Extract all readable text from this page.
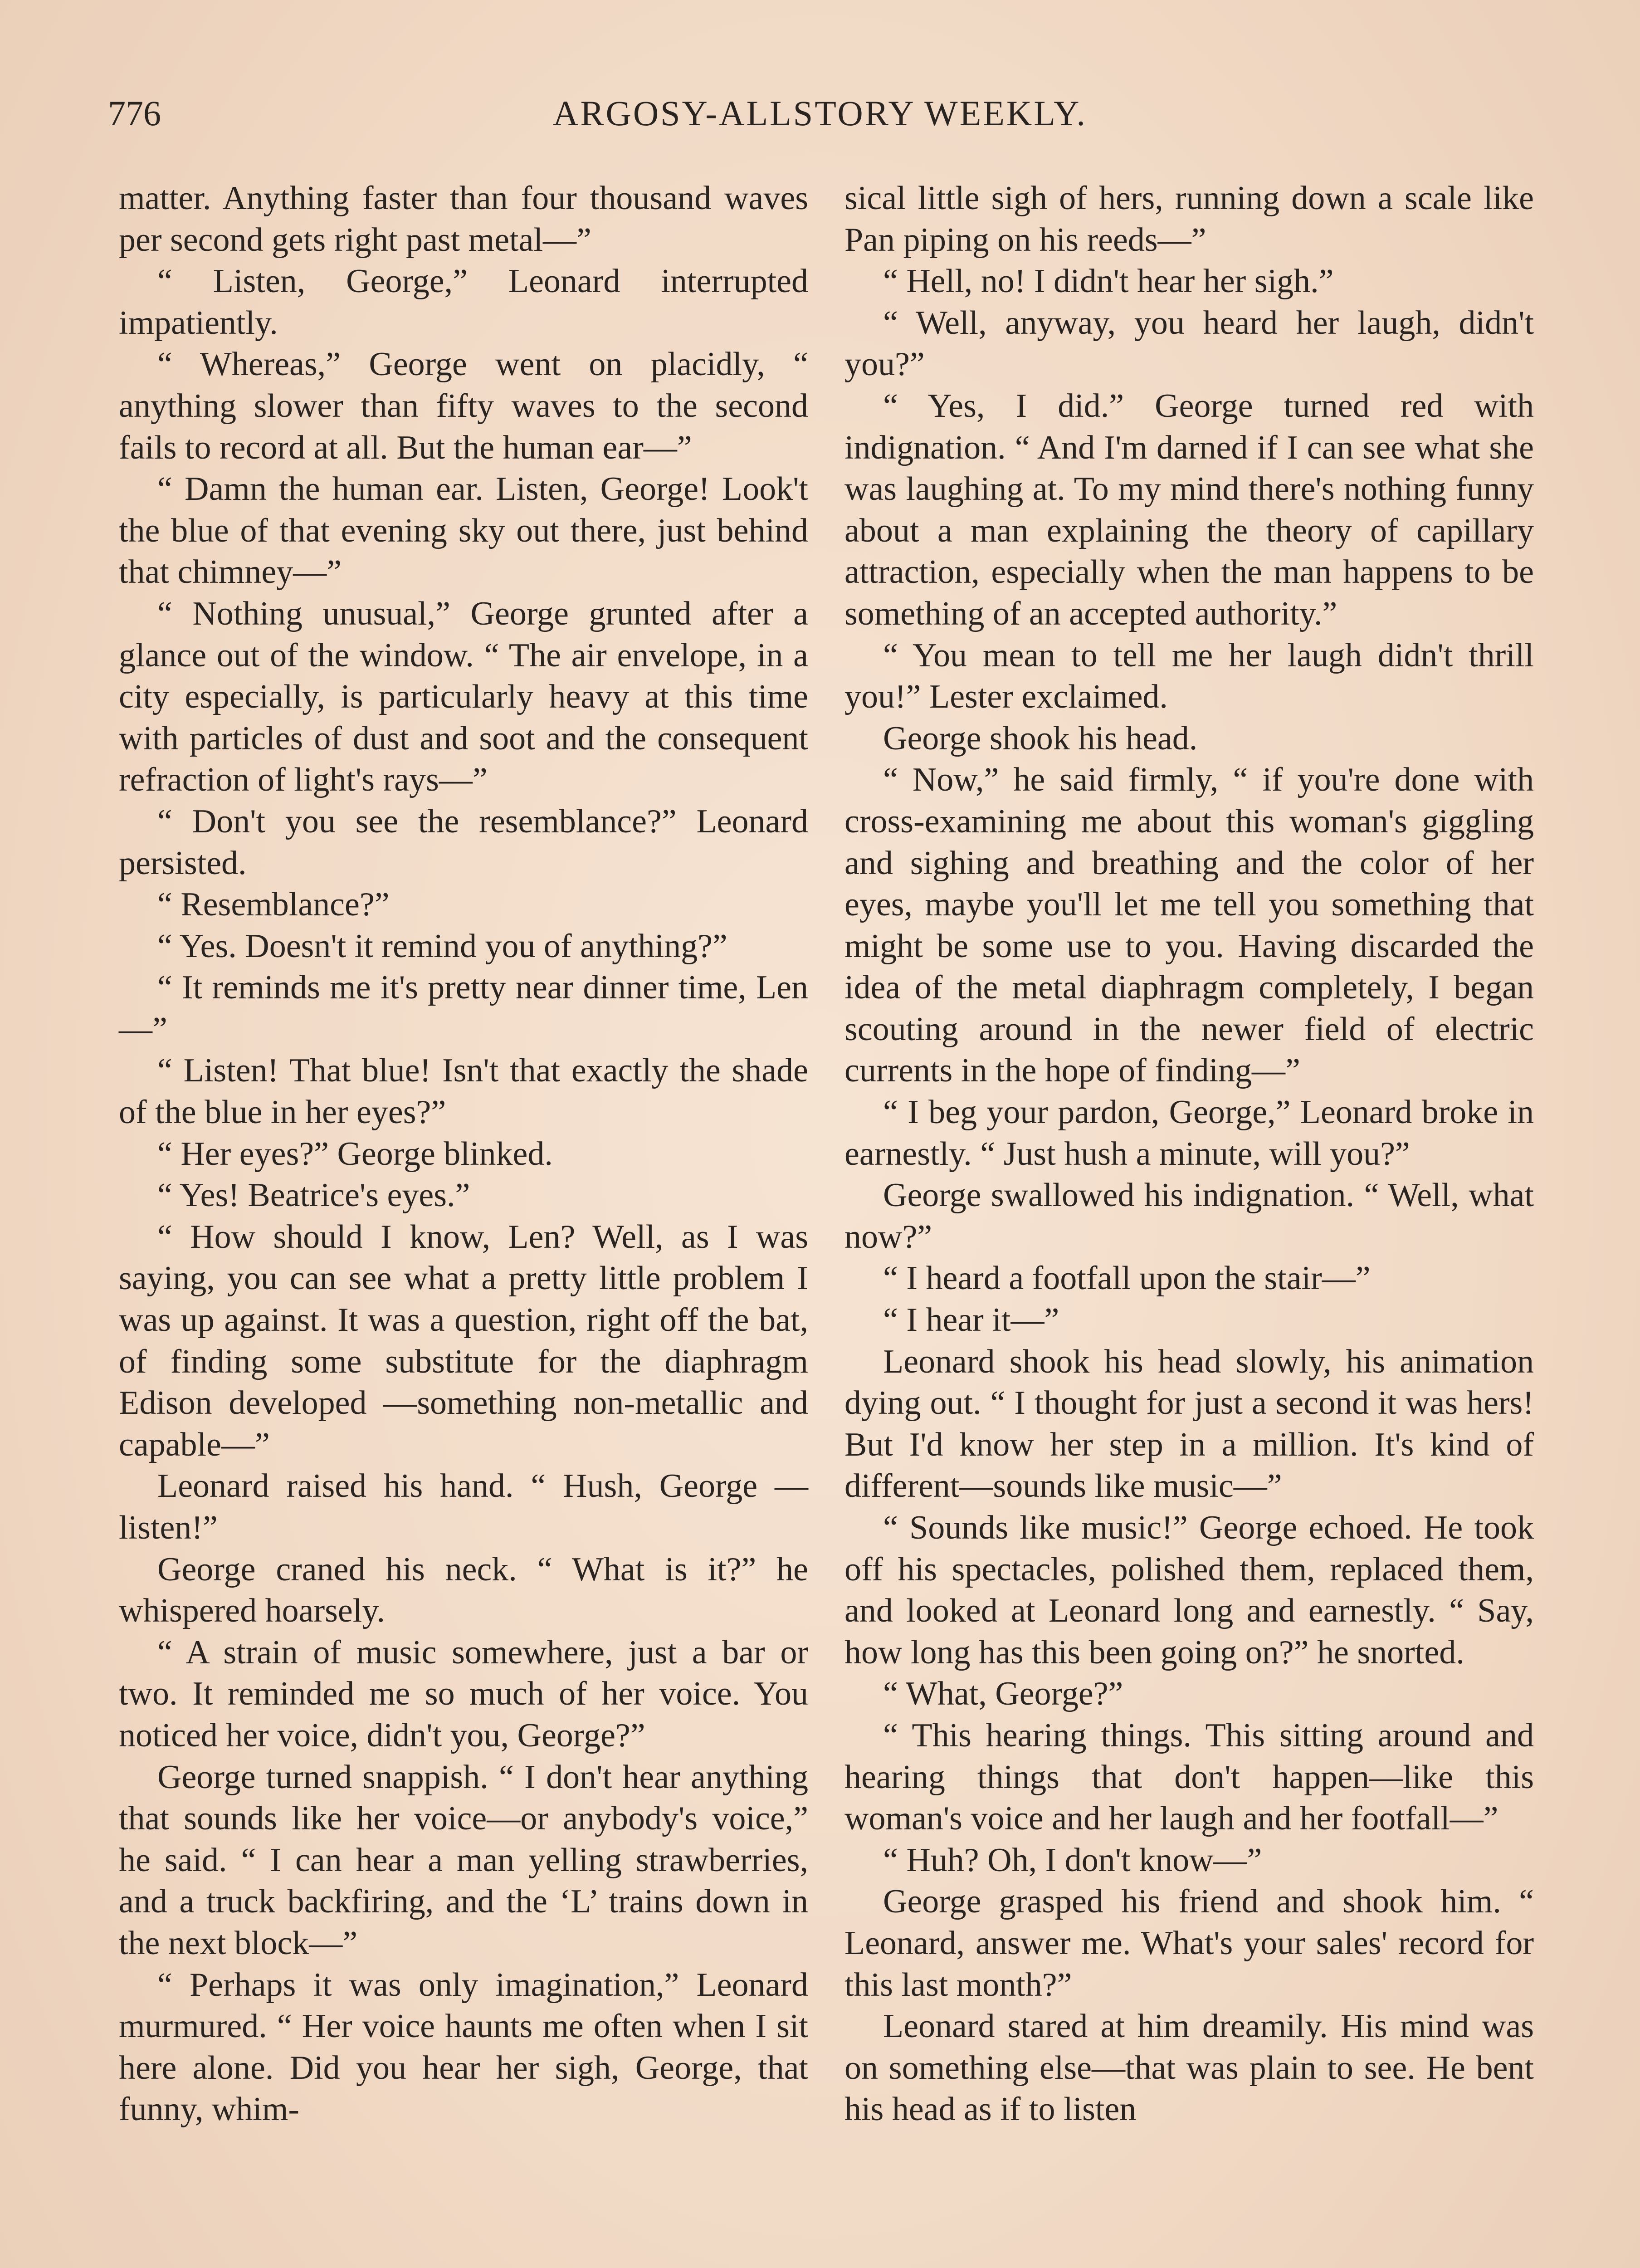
776	ARGOSY-ALLSTORY WEEKLY.

matter. Anything faster than four thousand waves per second gets right past metal—”

“ Listen, George,” Leonard interrupted impatiently.

“ Whereas,” George went on placidly, “ anything slower than fifty waves to the second fails to record at all. But the human ear—”

“ Damn the human ear. Listen, George! Look't the blue of that evening sky out there, just behind that chimney—”

“ Nothing unusual,” George grunted after a glance out of the window. “ The air envelope, in a city especially, is particularly heavy at this time with particles of dust and soot and the consequent refraction of light's rays—”

“ Don't you see the resemblance?” Leonard persisted.

“ Resemblance?”

“ Yes. Doesn't it remind you of anything?”

“ It reminds me it's pretty near dinner time, Len—”

“ Listen! That blue! Isn't that exactly the shade of the blue in her eyes?”

“ Her eyes?” George blinked.

“ Yes! Beatrice's eyes.”

“ How should I know, Len? Well, as I was saying, you can see what a pretty little problem I was up against. It was a question, right off the bat, of finding some substitute for the diaphragm Edison developed —something non-metallic and capable—”

Leonard raised his hand. “ Hush, George —listen!”

George craned his neck. “ What is it?” he whispered hoarsely.

“ A strain of music somewhere, just a bar or two. It reminded me so much of her voice. You noticed her voice, didn't you, George?”

George turned snappish. “ I don't hear anything that sounds like her voice—or anybody's voice,” he said. “ I can hear a man yelling strawberries, and a truck backfiring, and the ‘L’ trains down in the next block—”

“ Perhaps it was only imagination,” Leonard murmured. “ Her voice haunts me often when I sit here alone. Did you hear her sigh, George, that funny, whim-

sical little sigh of hers, running down a scale like Pan piping on his reeds—”

“ Hell, no! I didn't hear her sigh.”

“ Well, anyway, you heard her laugh, didn't you?”

“ Yes, I did.” George turned red with indignation. “ And I'm darned if I can see what she was laughing at. To my mind there's nothing funny about a man explaining the theory of capillary attraction, especially when the man happens to be something of an accepted authority.”

“ You mean to tell me her laugh didn't thrill you!” Lester exclaimed.

George shook his head.

“ Now,” he said firmly, “ if you're done with cross-examining me about this woman's giggling and sighing and breathing and the color of her eyes, maybe you'll let me tell you something that might be some use to you. Having discarded the idea of the metal diaphragm completely, I began scouting around in the newer field of electric currents in the hope of finding—”

“ I beg your pardon, George,” Leonard broke in earnestly. “ Just hush a minute, will you?”

George swallowed his indignation. “ Well, what now?”

“ I heard a footfall upon the stair—”

“ I hear it—”

Leonard shook his head slowly, his animation dying out. “ I thought for just a second it was hers! But I'd know her step in a million. It's kind of different—sounds like music—”

“ Sounds like music!” George echoed. He took off his spectacles, polished them, replaced them, and looked at Leonard long and earnestly. “ Say, how long has this been going on?” he snorted.

“ What, George?”

“ This hearing things. This sitting around and hearing things that don't happen—like this woman's voice and her laugh and her footfall—”

“ Huh? Oh, I don't know—”

George grasped his friend and shook him. “ Leonard, answer me. What's your sales' record for this last month?”

Leonard stared at him dreamily. His mind was on something else—that was plain to see. He bent his head as if to listen
